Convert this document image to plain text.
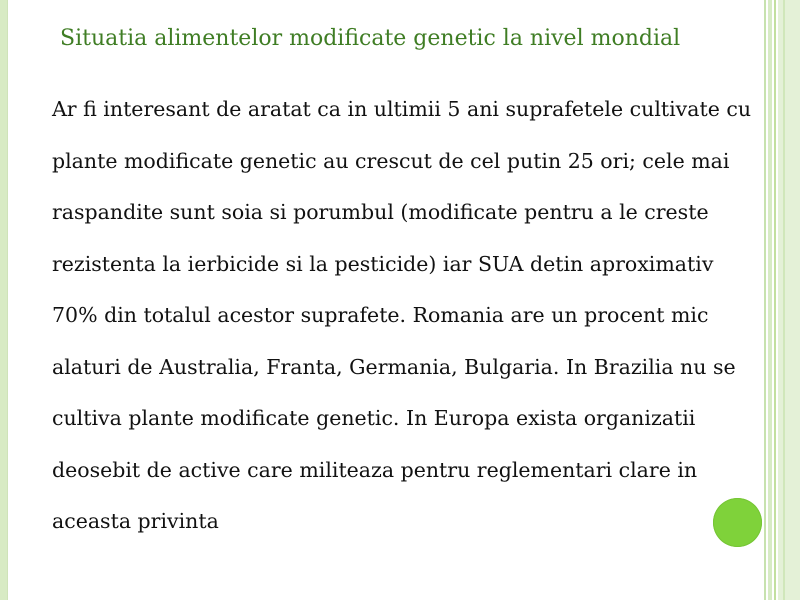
Situatia alimentelor modificate genetic la nivel mondial

Ar fi interesant de aratat ca in ultimii 5 ani suprafetele cultivate cu plante modificate genetic au crescut de cel putin 25 ori; cele mai raspandite sunt soia si porumbul (modificate pentru a le creste rezistenta la ierbicide si la pesticide) iar SUA detin aproximativ 70% din totalul acestor suprafete. Romania are un procent mic alaturi de Australia, Franta, Germania, Bulgaria. In Brazilia nu se cultiva plante modificate genetic. In Europa exista organizatii deosebit de active care militeaza pentru reglementari clare in aceasta privinta
